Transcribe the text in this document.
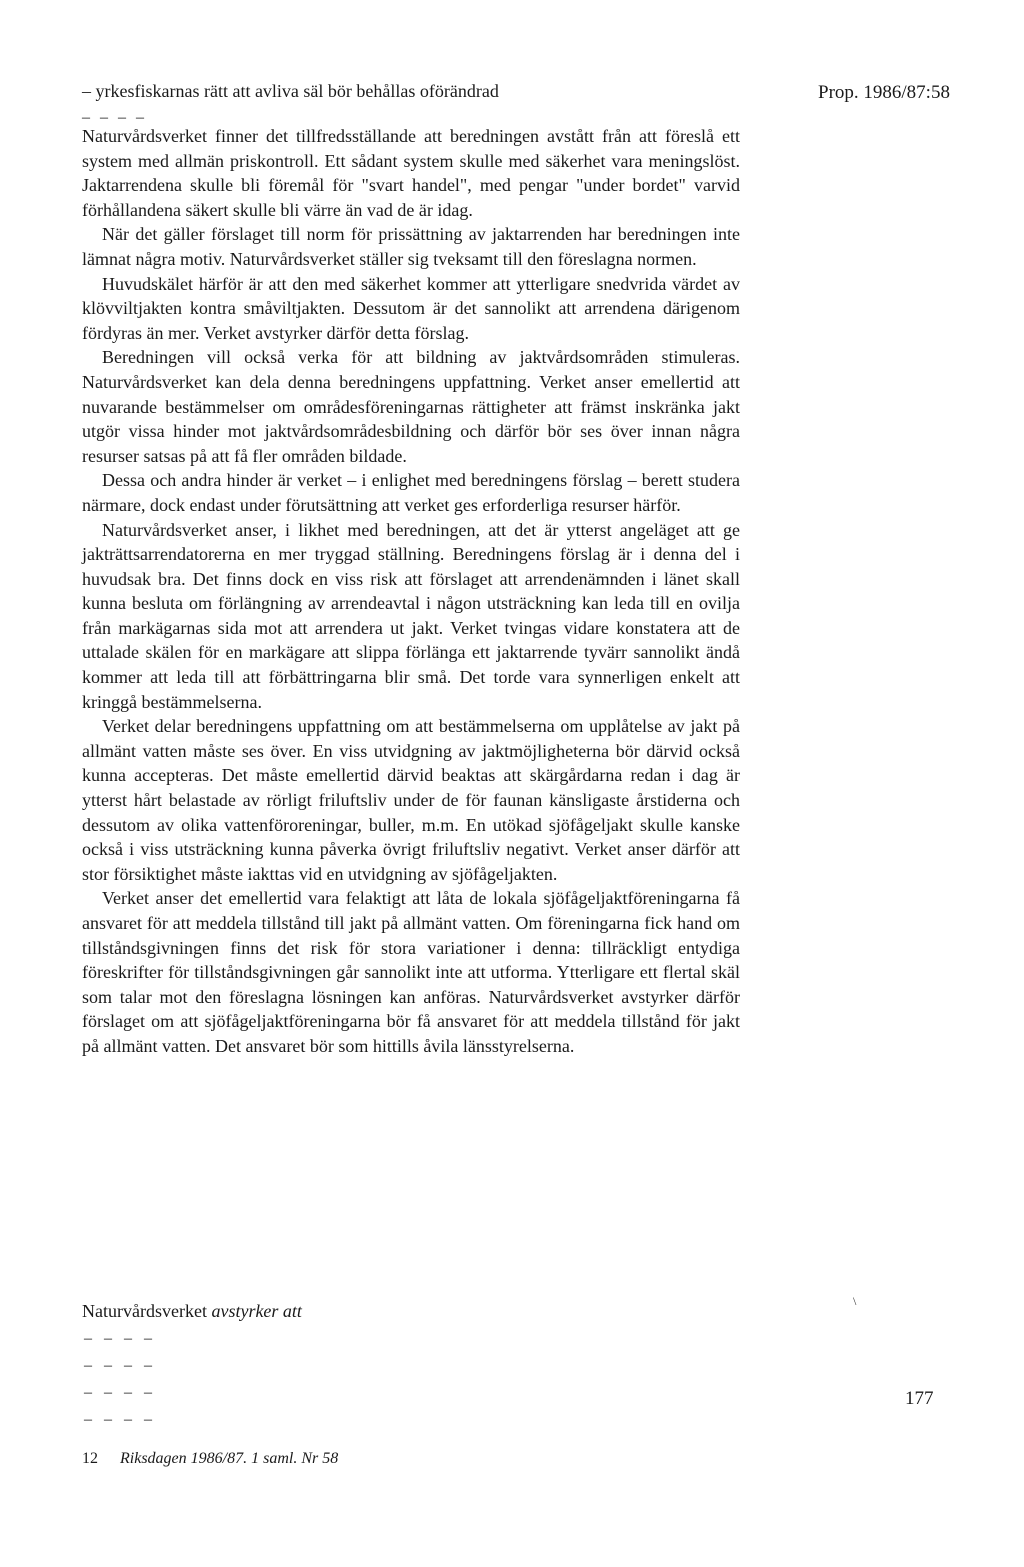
– yrkesfiskarnas rätt att avliva säl bör behållas oförändrad	Prop. 1986/87:58
– – – –

Naturvårdsverket finner det tillfredsställande att beredningen avstått från att föreslå ett system med allmän priskontroll. Ett sådant system skulle med säkerhet vara meningslöst. Jaktarrendena skulle bli föremål för "svart handel", med pengar "under bordet" varvid förhållandena säkert skulle bli värre än vad de är idag.

När det gäller förslaget till norm för prissättning av jaktarrenden har beredningen inte lämnat några motiv. Naturvårdsverket ställer sig tveksamt till den föreslagna normen.

Huvudskälet härför är att den med säkerhet kommer att ytterligare snedvrida värdet av klövviltjakten kontra småviltjakten. Dessutom är det sannolikt att arrendena därigenom fördyras än mer. Verket avstyrker därför detta förslag.

Beredningen vill också verka för att bildning av jaktvårdsområden stimuleras. Naturvårdsverket kan dela denna beredningens uppfattning. Verket anser emellertid att nuvarande bestämmelser om områdesföreningarnas rättigheter att främst inskränka jakt utgör vissa hinder mot jaktvårdsområdesbildning och därför bör ses över innan några resurser satsas på att få fler områden bildade.

Dessa och andra hinder är verket – i enlighet med beredningens förslag – berett studera närmare, dock endast under förutsättning att verket ges erforderliga resurser härför.

Naturvårdsverket anser, i likhet med beredningen, att det är ytterst angeläget att ge jakträttsarrendatorerna en mer tryggad ställning. Beredningens förslag är i denna del i huvudsak bra. Det finns dock en viss risk att förslaget att arrendenämnden i länet skall kunna besluta om förlängning av arrendeavtal i någon utsträckning kan leda till en ovilja från markägarnas sida mot att arrendera ut jakt. Verket tvingas vidare konstatera att de uttalade skälen för en markägare att slippa förlänga ett jaktarrende tyvärr sannolikt ändå kommer att leda till att förbättringarna blir små. Det torde vara synnerligen enkelt att kringgå bestämmelserna.

Verket delar beredningens uppfattning om att bestämmelserna om upplåtelse av jakt på allmänt vatten måste ses över. En viss utvidgning av jaktmöjligheterna bör därvid också kunna accepteras. Det måste emellertid därvid beaktas att skärgårdarna redan i dag är ytterst hårt belastade av rörligt friluftsliv under de för faunan känsligaste årstiderna och dessutom av olika vattenföroreningar, buller, m.m. En utökad sjöfågeljakt skulle kanske också i viss utsträckning kunna påverka övrigt friluftsliv negativt. Verket anser därför att stor försiktighet måste iakttas vid en utvidgning av sjöfågeljakten.

Verket anser det emellertid vara felaktigt att låta de lokala sjöfågeljaktföreningarna få ansvaret för att meddela tillstånd till jakt på allmänt vatten. Om föreningarna fick hand om tillståndsgivningen finns det risk för stora variationer i denna: tillräckligt entydiga föreskrifter för tillståndsgivningen går sannolikt inte att utforma. Ytterligare ett flertal skäl som talar mot den föreslagna lösningen kan anföras. Naturvårdsverket avstyrker därför förslaget om att sjöfågeljaktföreningarna bör få ansvaret för att meddela tillstånd för jakt på allmänt vatten. Det ansvaret bör som hittills åvila länsstyrelserna.

Naturvårdsverket avstyrker att
– – – –
– – – –
– – – –
– – – –
\
177
12 Riksdagen 1986/87. 1 saml. Nr 58
